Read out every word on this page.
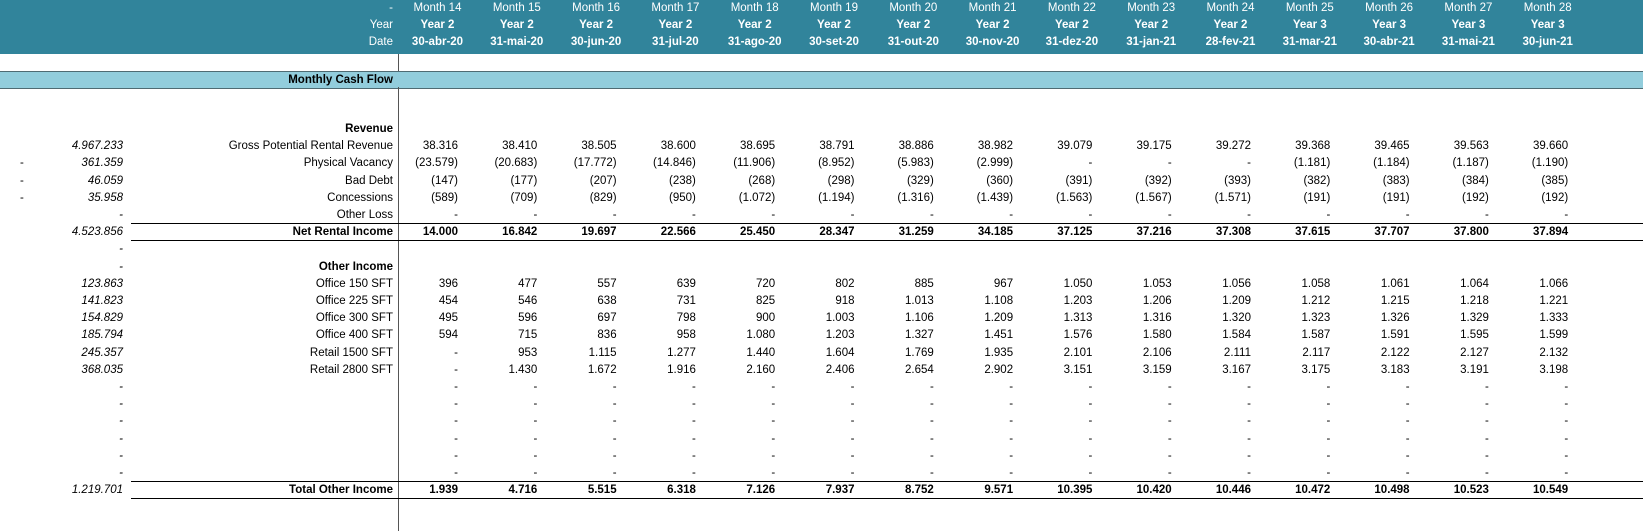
-	Month 14	Month 15	Month 16	Month 17	Month 18	Month 19	Month 20	Month 21	Month 22	Month 23	Month 24	Month 25	Month 26	Month 27	Month 28
Year	Year 2	Year 2	Year 2	Year 2	Year 2	Year 2	Year 2	Year 2	Year 2	Year 2	Year 2	Year 3	Year 3	Year 3	Year 3
Date	30-abr-20	31-mai-20	30-jun-20	31-jul-20	31-ago-20	30-set-20	31-out-20	30-nov-20	31-dez-20	31-jan-21	28-fev-21	31-mar-21	30-abr-21	31-mai-21	30-jun-21
Monthly Cash Flow
Revenue
4.967.233	Gross Potential Rental Revenue	38.316	38.410	38.505	38.600	38.695	38.791	38.886	38.982	39.079	39.175	39.272	39.368	39.465	39.563	39.660
-	361.359	Physical Vacancy	(23.579)	(20.683)	(17.772)	(14.846)	(11.906)	(8.952)	(5.983)	(2.999)	-	-	-	(1.181)	(1.184)	(1.187)	(1.190)
-	46.059	Bad Debt	(147)	(177)	(207)	(238)	(268)	(298)	(329)	(360)	(391)	(392)	(393)	(382)	(383)	(384)	(385)
-	35.958	Concessions	(589)	(709)	(829)	(950)	(1.072)	(1.194)	(1.316)	(1.439)	(1.563)	(1.567)	(1.571)	(191)	(191)	(192)	(192)
-	Other Loss	-	-	-	-	-	-	-	-	-	-	-	-	-	-	-
4.523.856	Net Rental Income	14.000	16.842	19.697	22.566	25.450	28.347	31.259	34.185	37.125	37.216	37.308	37.615	37.707	37.800	37.894
-
-	Other Income
123.863	Office 150 SFT	396	477	557	639	720	802	885	967	1.050	1.053	1.056	1.058	1.061	1.064	1.066
141.823	Office 225 SFT	454	546	638	731	825	918	1.013	1.108	1.203	1.206	1.209	1.212	1.215	1.218	1.221
154.829	Office 300 SFT	495	596	697	798	900	1.003	1.106	1.209	1.313	1.316	1.320	1.323	1.326	1.329	1.333
185.794	Office 400 SFT	594	715	836	958	1.080	1.203	1.327	1.451	1.576	1.580	1.584	1.587	1.591	1.595	1.599
245.357	Retail 1500 SFT	-	953	1.115	1.277	1.440	1.604	1.769	1.935	2.101	2.106	2.111	2.117	2.122	2.127	2.132
368.035	Retail 2800 SFT	-	1.430	1.672	1.916	2.160	2.406	2.654	2.902	3.151	3.159	3.167	3.175	3.183	3.191	3.198
-	-	-	-	-	-	-	-	-	-	-	-	-	-	-	-
-	-	-	-	-	-	-	-	-	-	-	-	-	-	-	-
-	-	-	-	-	-	-	-	-	-	-	-	-	-	-	-
-	-	-	-	-	-	-	-	-	-	-	-	-	-	-	-
-	-	-	-	-	-	-	-	-	-	-	-	-	-	-	-
-	-	-	-	-	-	-	-	-	-	-	-	-	-	-	-
1.219.701	Total Other Income	1.939	4.716	5.515	6.318	7.126	7.937	8.752	9.571	10.395	10.420	10.446	10.472	10.498	10.523	10.549
